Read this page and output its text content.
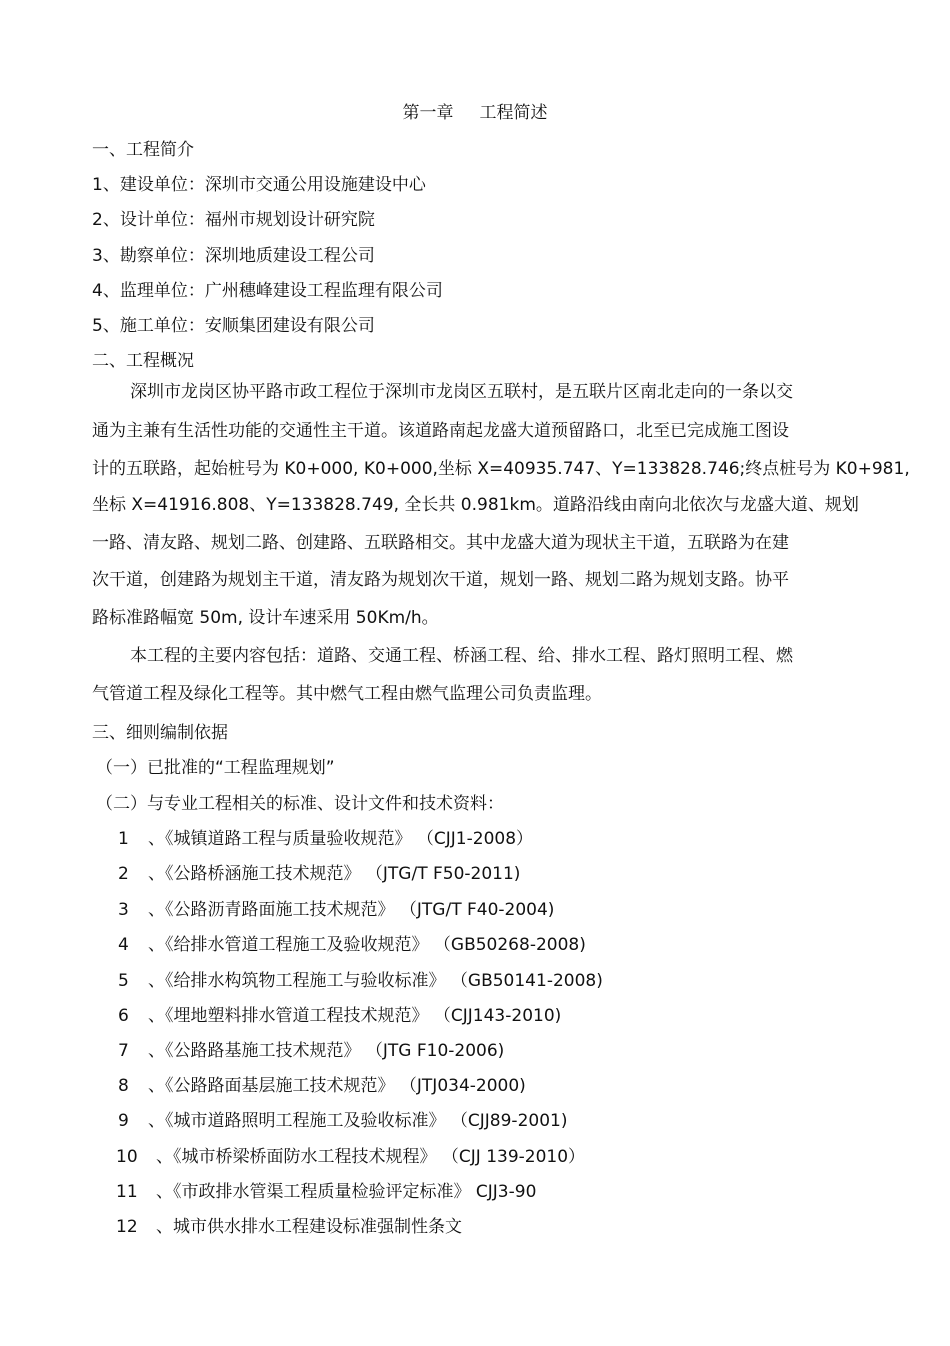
第一章 工程简述
一、工程简介
1、建设单位：深圳市交通公用设施建设中心
2、设计单位：福州市规划设计研究院
3、勘察单位：深圳地质建设工程公司
4、监理单位：广州穗峰建设工程监理有限公司
5、施工单位：安顺集团建设有限公司
二、工程概况
深圳市龙岗区协平路市政工程位于深圳市龙岗区五联村，是五联片区南北走向的一条以交
通为主兼有生活性功能的交通性主干道。该道路南起龙盛大道预留路口，北至已完成施工图设
计的五联路，起始桩号为 K0+000, K0+000,坐标 X=40935.747、Y=133828.746;终点桩号为 K0+981,
坐标 X=41916.808、Y=133828.749, 全长共 0.981km。道路沿线由南向北依次与龙盛大道、规划
一路、清友路、规划二路、创建路、五联路相交。其中龙盛大道为现状主干道，五联路为在建
次干道，创建路为规划主干道，清友路为规划次干道，规划一路、规划二路为规划支路。协平
路标准路幅宽 50m, 设计车速采用 50Km/h。
本工程的主要内容包括：道路、交通工程、桥涵工程、给、排水工程、路灯照明工程、燃
气管道工程及绿化工程等。其中燃气工程由燃气监理公司负责监理。
三、细则编制依据
（一）已批准的“工程监理规划”
（二）与专业工程相关的标准、设计文件和技术资料：
1	、《城镇道路工程与质量验收规范》 （CJJ1-2008）
2	、《公路桥涵施工技术规范》 （JTG/T F50-2011)
3	、《公路沥青路面施工技术规范》 （JTG/T F40-2004)
4	、《给排水管道工程施工及验收规范》 （GB50268-2008)
5	、《给排水构筑物工程施工与验收标准》 （GB50141-2008)
6	、《埋地塑料排水管道工程技术规范》 （CJJ143-2010)
7	、《公路路基施工技术规范》 （JTG F10-2006)
8	、《公路路面基层施工技术规范》 （JTJ034-2000)
9	、《城市道路照明工程施工及验收标准》 （CJJ89-2001)
10	、《城市桥梁桥面防水工程技术规程》 （CJJ 139-2010）
11	、《市政排水管渠工程质量检验评定标准》 CJJ3-90
12	、城市供水排水工程建设标准强制性条文
